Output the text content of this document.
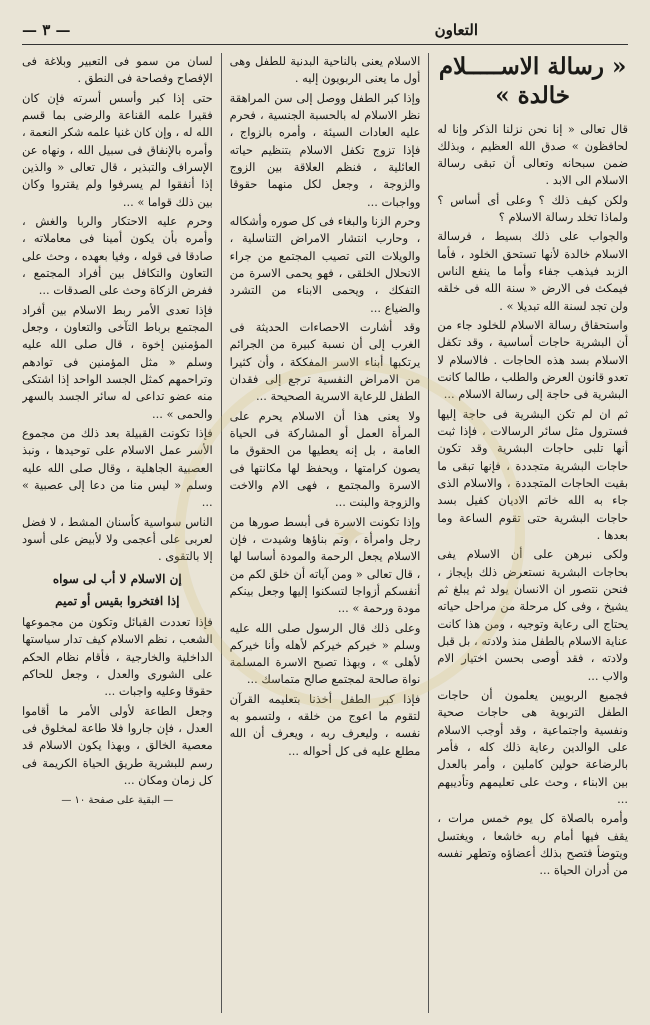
✦
— ٣ —	التعاون
« رسالة الاســـــلام خالدة »

قال تعالى « إنا نحن نزلنا الذكر وإنا له لحافظون » صدق الله العظيم ، وبذلك ضمن سبحانه وتعالى أن تبقى رسالة الاسلام الى الابد .

ولكن كيف ذلك ؟ وعلى أى أساس ؟ ولماذا تخلد رسالة الاسلام ؟

والجواب على ذلك بسيط ، فرسالة الاسلام خالدة لأنها تستحق الخلود ، فأما الزبد فيذهب جفاء وأما ما ينفع الناس فيمكث فى الارض « سنة الله فى خلقه ولن تجد لسنة الله تبديلا » .

واستحقاق رسالة الاسلام للخلود جاء من أن البشرية حاجات أساسية ، وقد تكفل الاسلام بسد هذه الحاجات . فالاسلام لا تعدو قانون العرض والطلب ، طالما كانت البشرية فى حاجة إلى رسالة الاسلام ...

ثم ان لم تكن البشرية فى حاجة إليها فسترول مثل سائر الرسالات ، فإذا ثبت أنها تلبى حاجات البشرية وقد تكون حاجات البشرية متجددة ، فإنها تبقى ما بقيت الحاجات المتجددة ، والاسلام الذى جاء به الله خاتم الاديان كفيل بسد حاجات البشرية حتى تقوم الساعة وما بعدها .

ولكى نبرهن على أن الاسلام يفى بحاجات البشرية نستعرض ذلك بإيجاز ، فنحن نتصور ان الانسان يولد ثم يبلغ ثم يشيخ ، وفى كل مرحلة من مراحل حياته يحتاج الى رعاية وتوجيه ، ومن هذا كانت عناية الاسلام بالطفل منذ ولادته ، بل قبل ولادته ، فقد أوصى بحسن اختيار الام والاب ...

فجميع الربويين يعلمون أن حاجات الطفل التربوية هى حاجات صحية ونفسية واجتماعية ، وقد أوجب الاسلام على الوالدين رعاية ذلك كله ، فأمر بالرضاعة حولين كاملين ، وأمر بالعدل بين الابناء ، وحث على تعليمهم وتأديبهم ...

وأمره بالصلاة كل يوم خمس مرات ، يقف فيها أمام ربه خاشعا ، ويغتسل ويتوضأ فتصح بذلك أعضاؤه وتطهر نفسه من أدران الحياة ...

الاسلام يعنى بالناحية البدنية للطفل وهى أول ما يعنى الربويون إليه .

وإذا كبر الطفل ووصل إلى سن المراهقة نظر الاسلام له بالحسبة الجنسية ، فحرم عليه العادات السيئة ، وأمره بالزواج ، فإذا تزوج تكفل الاسلام بتنظيم حياته العائلية ، فنظم العلاقة بين الزوج والزوجة ، وجعل لكل منهما حقوقا وواجبات ...

وحرم الزنا والبغاء فى كل صوره وأشكاله ، وحارب انتشار الامراض التناسلية ، والويلات التى تصيب المجتمع من جراء الانحلال الخلقى ، فهو يحمى الاسرة من التفكك ، ويحمى الابناء من التشرد والضياع ...

وقد أشارت الاحصاءات الحديثة فى الغرب إلى أن نسبة كبيرة من الجرائم يرتكبها أبناء الاسر المفككة ، وأن كثيرا من الامراض النفسية ترجع إلى فقدان الطفل للرعاية الاسرية الصحيحة ...

ولا يعنى هذا أن الاسلام يحرم على المرأة العمل أو المشاركة فى الحياة العامة ، بل إنه يعطيها من الحقوق ما يصون كرامتها ، ويحفظ لها مكانتها فى الاسرة والمجتمع ، فهى الام والاخت والزوجة والبنت ...

وإذا تكونت الاسرة فى أبسط صورها من رجل وامرأة ، وتم بناؤها وشيدت ، فإن الاسلام يجعل الرحمة والمودة أساسا لها ، قال تعالى « ومن آياته أن خلق لكم من أنفسكم أزواجا لتسكنوا إليها وجعل بينكم مودة ورحمة » ...

وعلى ذلك قال الرسول صلى الله عليه وسلم « خيركم خيركم لأهله وأنا خيركم لأهلى » ، وبهذا تصبح الاسرة المسلمة نواة صالحة لمجتمع صالح متماسك ...

فإذا كبر الطفل أخذنا بتعليمه القرآن لتقوم ما اعوج من خلقه ، ولتسمو به نفسه ، وليعرف ربه ، ويعرف أن الله مطلع عليه فى كل أحواله ...

لسان من سمو فى التعبير وبلاغة فى الإفصاح وفصاحة فى النطق .

حتى إذا كبر وأسس أسرته فإن كان فقيرا علمه القناعة والرضى بما قسم الله له ، وإن كان غنيا علمه شكر النعمة ، وأمره بالإنفاق فى سبيل الله ، ونهاه عن الإسراف والتبذير ، قال تعالى « والذين إذا أنفقوا لم يسرفوا ولم يقتروا وكان بين ذلك قواما » ...

وحرم عليه الاحتكار والربا والغش ، وأمره بأن يكون أمينا فى معاملاته ، صادقا فى قوله ، وفيا بعهده ، وحث على التعاون والتكافل بين أفراد المجتمع ، ففرض الزكاة وحث على الصدقات ...

فإذا تعدى الأمر ربط الاسلام بين أفراد المجتمع برباط التآخى والتعاون ، وجعل المؤمنين إخوة ، قال صلى الله عليه وسلم « مثل المؤمنين فى توادهم وتراحمهم كمثل الجسد الواحد إذا اشتكى منه عضو تداعى له سائر الجسد بالسهر والحمى » ...

فإذا تكونت القبيلة بعد ذلك من مجموع الأسر عمل الاسلام على توحيدها ، ونبذ العصبية الجاهلية ، وقال صلى الله عليه وسلم « ليس منا من دعا إلى عصبية » ...

الناس سواسية كأسنان المشط ، لا فضل لعربى على أعجمى ولا لأبيض على أسود إلا بالتقوى .

إن الاسلام لا أب لى سواه
إذا افتخروا بقيس أو تميم

فإذا تعددت القبائل وتكون من مجموعها الشعب ، نظم الاسلام كيف تدار سياستها الداخلية والخارجية ، فأقام نظام الحكم على الشورى والعدل ، وجعل للحاكم حقوقا وعليه واجبات ...

وجعل الطاعة لأولى الأمر ما أقاموا العدل ، فإن جاروا فلا طاعة لمخلوق فى معصية الخالق ، وبهذا يكون الاسلام قد رسم للبشرية طريق الحياة الكريمة فى كل زمان ومكان ...

— البقية على صفحة ١٠ —
